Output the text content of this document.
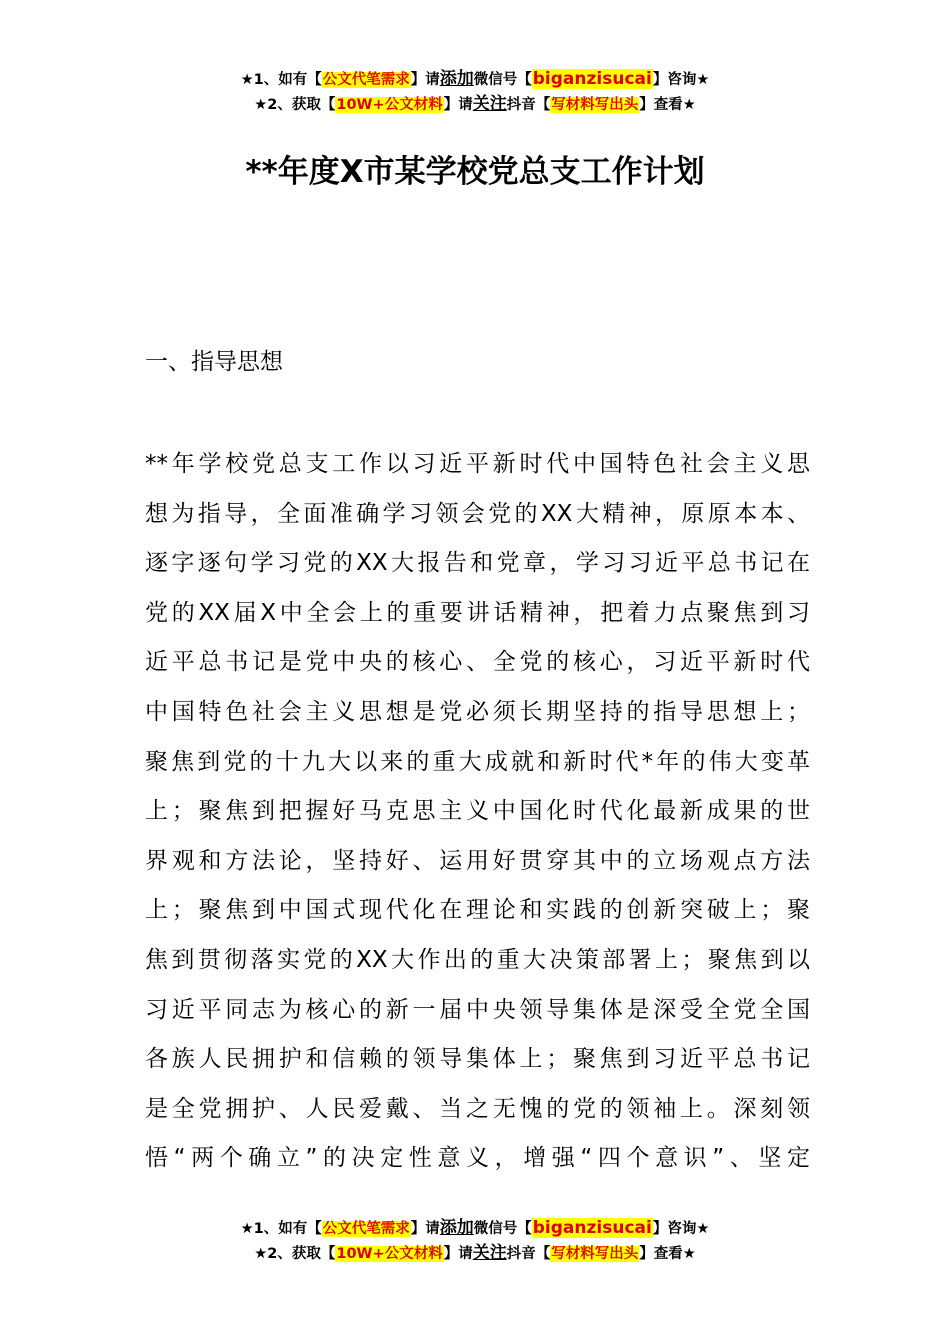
★1、如有【公文代笔需求】请添加微信号【biganzisucai】咨询★
★2、获取【10W+公文材料】请关注抖音【写材料写出头】查看★
**年度X市某学校党总支工作计划
一、指导思想
**年学校党总支工作以习近平新时代中国特色社会主义思
想为指导，全面准确学习领会党的XX大精神，原原本本、
逐字逐句学习党的XX大报告和党章，学习习近平总书记在
党的XX届X中全会上的重要讲话精神，把着力点聚焦到习
近平总书记是党中央的核心、全党的核心，习近平新时代
中国特色社会主义思想是党必须长期坚持的指导思想上；
聚焦到党的十九大以来的重大成就和新时代*年的伟大变革
上；聚焦到把握好马克思主义中国化时代化最新成果的世
界观和方法论，坚持好、运用好贯穿其中的立场观点方法
上；聚焦到中国式现代化在理论和实践的创新突破上；聚
焦到贯彻落实党的XX大作出的重大决策部署上；聚焦到以
习近平同志为核心的新一届中央领导集体是深受全党全国
各族人民拥护和信赖的领导集体上；聚焦到习近平总书记
是全党拥护、人民爱戴、当之无愧的党的领袖上。深刻领
悟“两个确立”的决定性意义，增强“四个意识”、坚定
★1、如有【公文代笔需求】请添加微信号【biganzisucai】咨询★
★2、获取【10W+公文材料】请关注抖音【写材料写出头】查看★
